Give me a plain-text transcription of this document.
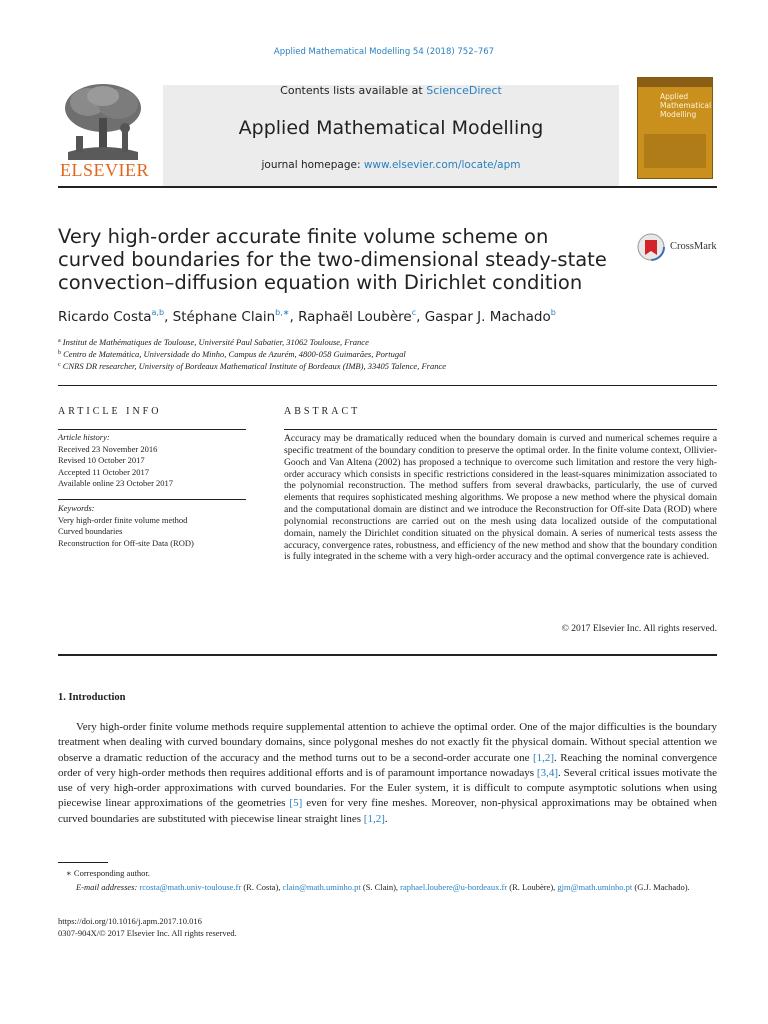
Applied Mathematical Modelling 54 (2018) 752–767
ELSEVIER
Contents lists available at ScienceDirect
Applied Mathematical Modelling
journal homepage: www.elsevier.com/locate/apm
Applied
Mathematical
Modelling
Very high-order accurate finite volume scheme on curved boundaries for the two-dimensional steady-state convection–diffusion equation with Dirichlet condition
CrossMark
Ricardo Costa$^{a,b}$, Stéphane Clain$^{b,∗}$, Raphaël Loubère$^c$, Gaspar J. Machado$^b$
$^a$ Institut de Mathématiques de Toulouse, Université Paul Sabatier, 31062 Toulouse, France
$^b$ Centro de Matemática, Universidade do Minho, Campus de Azurém, 4800-058 Guimarães, Portugal
$^c$ CNRS DR researcher, University of Bordeaux Mathematical Institute of Bordeaux (IMB), 33405 Talence, France
ARTICLE INFO
Article history:
Received 23 November 2016
Revised 10 October 2017
Accepted 11 October 2017
Available online 23 October 2017
Keywords:
Very high-order finite volume method
Curved boundaries
Reconstruction for Off-site Data (ROD)
ABSTRACT
Accuracy may be dramatically reduced when the boundary domain is curved and numerical schemes require a specific treatment of the boundary condition to preserve the optimal order. In the finite volume context, Ollivier-Gooch and Van Altena (2002) has proposed a technique to overcome such limitation and restore the very high-order accuracy which consists in specific restrictions considered in the least-squares minimization associated to the polynomial reconstruction. The method suffers from several drawbacks, particularly, the use of curved elements that requires sophisticated meshing algorithms. We propose a new method where the physical domain and the computational domain are distinct and we introduce the Reconstruction for Off-site Data (ROD) where polynomial reconstructions are carried out on the mesh using data localized outside of the computational domain, namely the Dirichlet condition situated on the physical domain. A series of numerical tests assess the accuracy, convergence rates, robustness, and efficiency of the new method and show that the boundary condition is fully integrated in the scheme with a very high-order accuracy and the optimal convergence rate is achieved.
© 2017 Elsevier Inc. All rights reserved.
1. Introduction
Very high-order finite volume methods require supplemental attention to achieve the optimal order. One of the major difficulties is the boundary treatment when dealing with curved boundary domains, since polygonal meshes do not exactly fit the physical domain. Without special attention we observe a dramatic reduction of the accuracy and the method turns out to be a second-order accurate one [1,2]. Reaching the nominal convergence order of very high-order methods then requires additional efforts and is of paramount importance nowadays [3,4]. Several critical issues motivate the use of very high-order approximations with curved boundaries. For the Euler system, it is difficult to compute asymptotic solutions when using piecewise linear approximations of the geometries [5] even for very fine meshes. Moreover, non-physical approximations may be obtained when curved boundaries are substituted with piecewise linear straight lines [1,2].
∗ Corresponding author.
E-mail addresses: rcosta@math.univ-toulouse.fr (R. Costa), clain@math.uminho.pt (S. Clain), raphael.loubere@u-bordeaux.fr (R. Loubère), gjm@math.uminho.pt (G.J. Machado).
https://doi.org/10.1016/j.apm.2017.10.016
0307-904X/© 2017 Elsevier Inc. All rights reserved.
